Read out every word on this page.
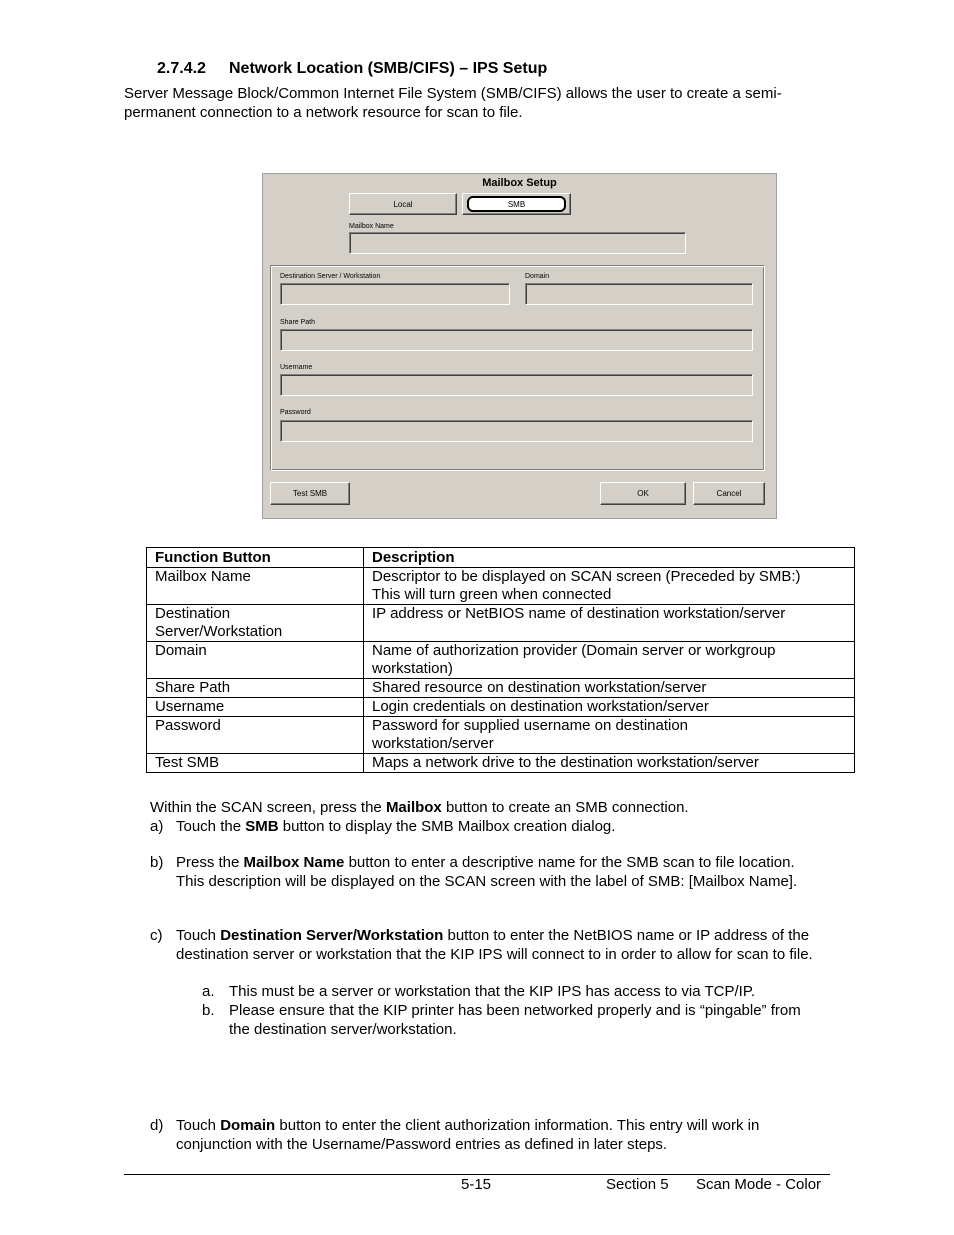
2.7.4.2 Network Location (SMB/CIFS) – IPS Setup
Server Message Block/Common Internet File System (SMB/CIFS) allows the user to create a semi-permanent connection to a network resource for scan to file.
Mailbox Setup
Local	SMB
Mailbox Name
Destination Server / Workstation	Domain
Share Path
Username
Password
Test SMB	OK	Cancel
Function Button	Description

Mailbox Name	Descriptor to be displayed on SCAN screen (Preceded by SMB:)
This will turn green when connected

Destination
Server/Workstation	IP address or NetBIOS name of destination workstation/server

Domain	Name of authorization provider (Domain server or workgroup
workstation)

Share Path	Shared resource on destination workstation/server

Username	Login credentials on destination workstation/server

Password	Password for supplied username on destination
workstation/server

Test SMB	Maps a network drive to the destination workstation/server
Within the SCAN screen, press the Mailbox button to create an SMB connection.
a) Touch the SMB button to display the SMB Mailbox creation dialog.
b) Press the Mailbox Name button to enter a descriptive name for the SMB scan to file location. This description will be displayed on the SCAN screen with the label of SMB: [Mailbox Name].
c) Touch Destination Server/Workstation button to enter the NetBIOS name or IP address of the destination server or workstation that the KIP IPS will connect to in order to allow for scan to file.
a. This must be a server or workstation that the KIP IPS has access to via TCP/IP.
b. Please ensure that the KIP printer has been networked properly and is “pingable” from the destination server/workstation.
d) Touch Domain button to enter the client authorization information. This entry will work in conjunction with the Username/Password entries as defined in later steps.
5-15	Section 5 Scan Mode - Color
